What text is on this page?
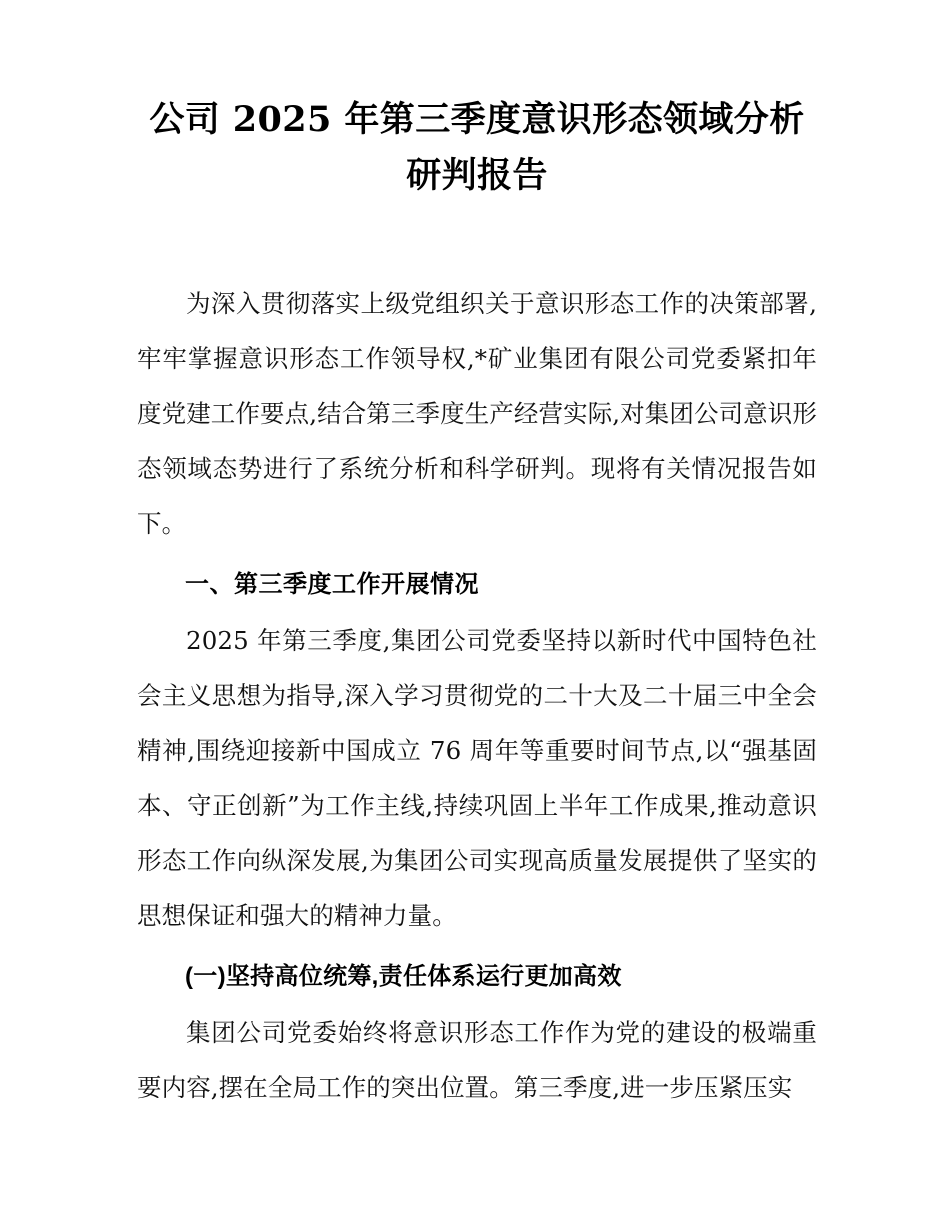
公司 2025 年第三季度意识形态领域分析研判报告

为深入贯彻落实上级党组织关于意识形态工作的决策部署,牢牢掌握意识形态工作领导权,*矿业集团有限公司党委紧扣年度党建工作要点,结合第三季度生产经营实际,对集团公司意识形态领域态势进行了系统分析和科学研判。现将有关情况报告如下。

一、第三季度工作开展情况

2025 年第三季度,集团公司党委坚持以新时代中国特色社会主义思想为指导,深入学习贯彻党的二十大及二十届三中全会精神,围绕迎接新中国成立 76 周年等重要时间节点,以“强基固本、守正创新”为工作主线,持续巩固上半年工作成果,推动意识形态工作向纵深发展,为集团公司实现高质量发展提供了坚实的思想保证和强大的精神力量。

(一)坚持高位统筹,责任体系运行更加高效

集团公司党委始终将意识形态工作作为党的建设的极端重要内容,摆在全局工作的突出位置。第三季度,进一步压紧压实
